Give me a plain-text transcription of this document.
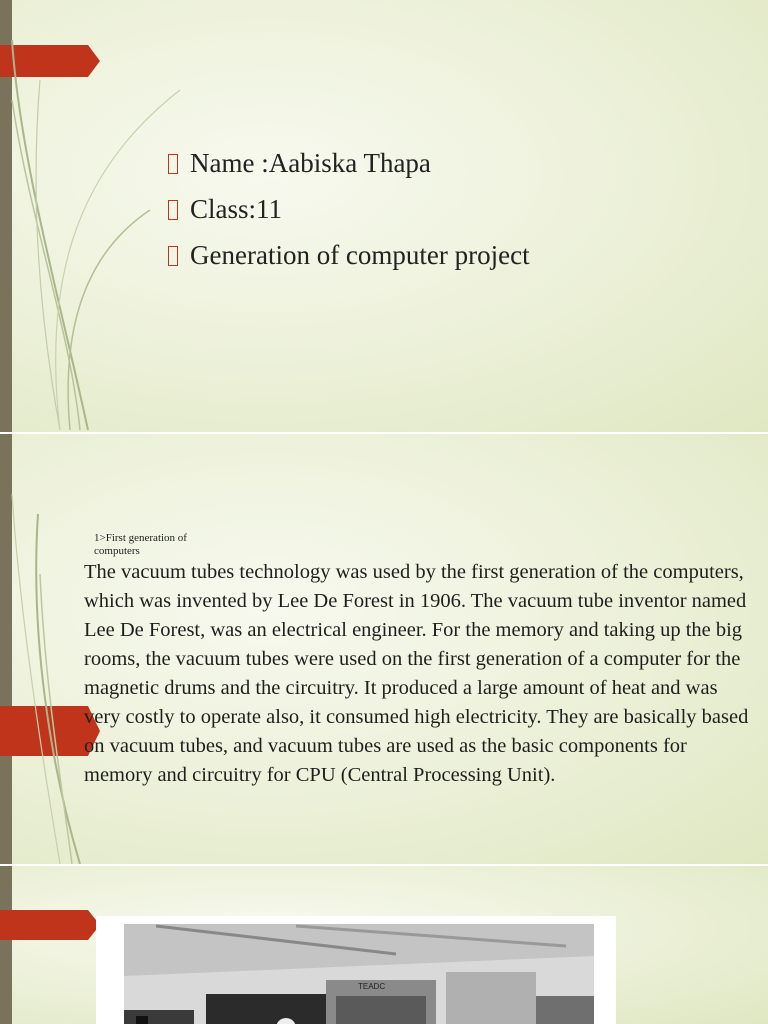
Name :Aabiska Thapa
Class:11
Generation of computer project
1>First generation of computers

The vacuum tubes technology was used by the first generation of the computers, which was invented by Lee De Forest in 1906. The vacuum tube inventor named Lee De Forest, was an electrical engineer. For the memory and taking up the big rooms, the vacuum tubes were used on the first generation of a computer for the magnetic drums and the circuitry. It produced a large amount of heat and was very costly to operate also, it consumed high electricity. They are basically based on vacuum tubes, and vacuum tubes are used as the basic components for memory and circuitry for CPU (Central Processing Unit).

TEADC
